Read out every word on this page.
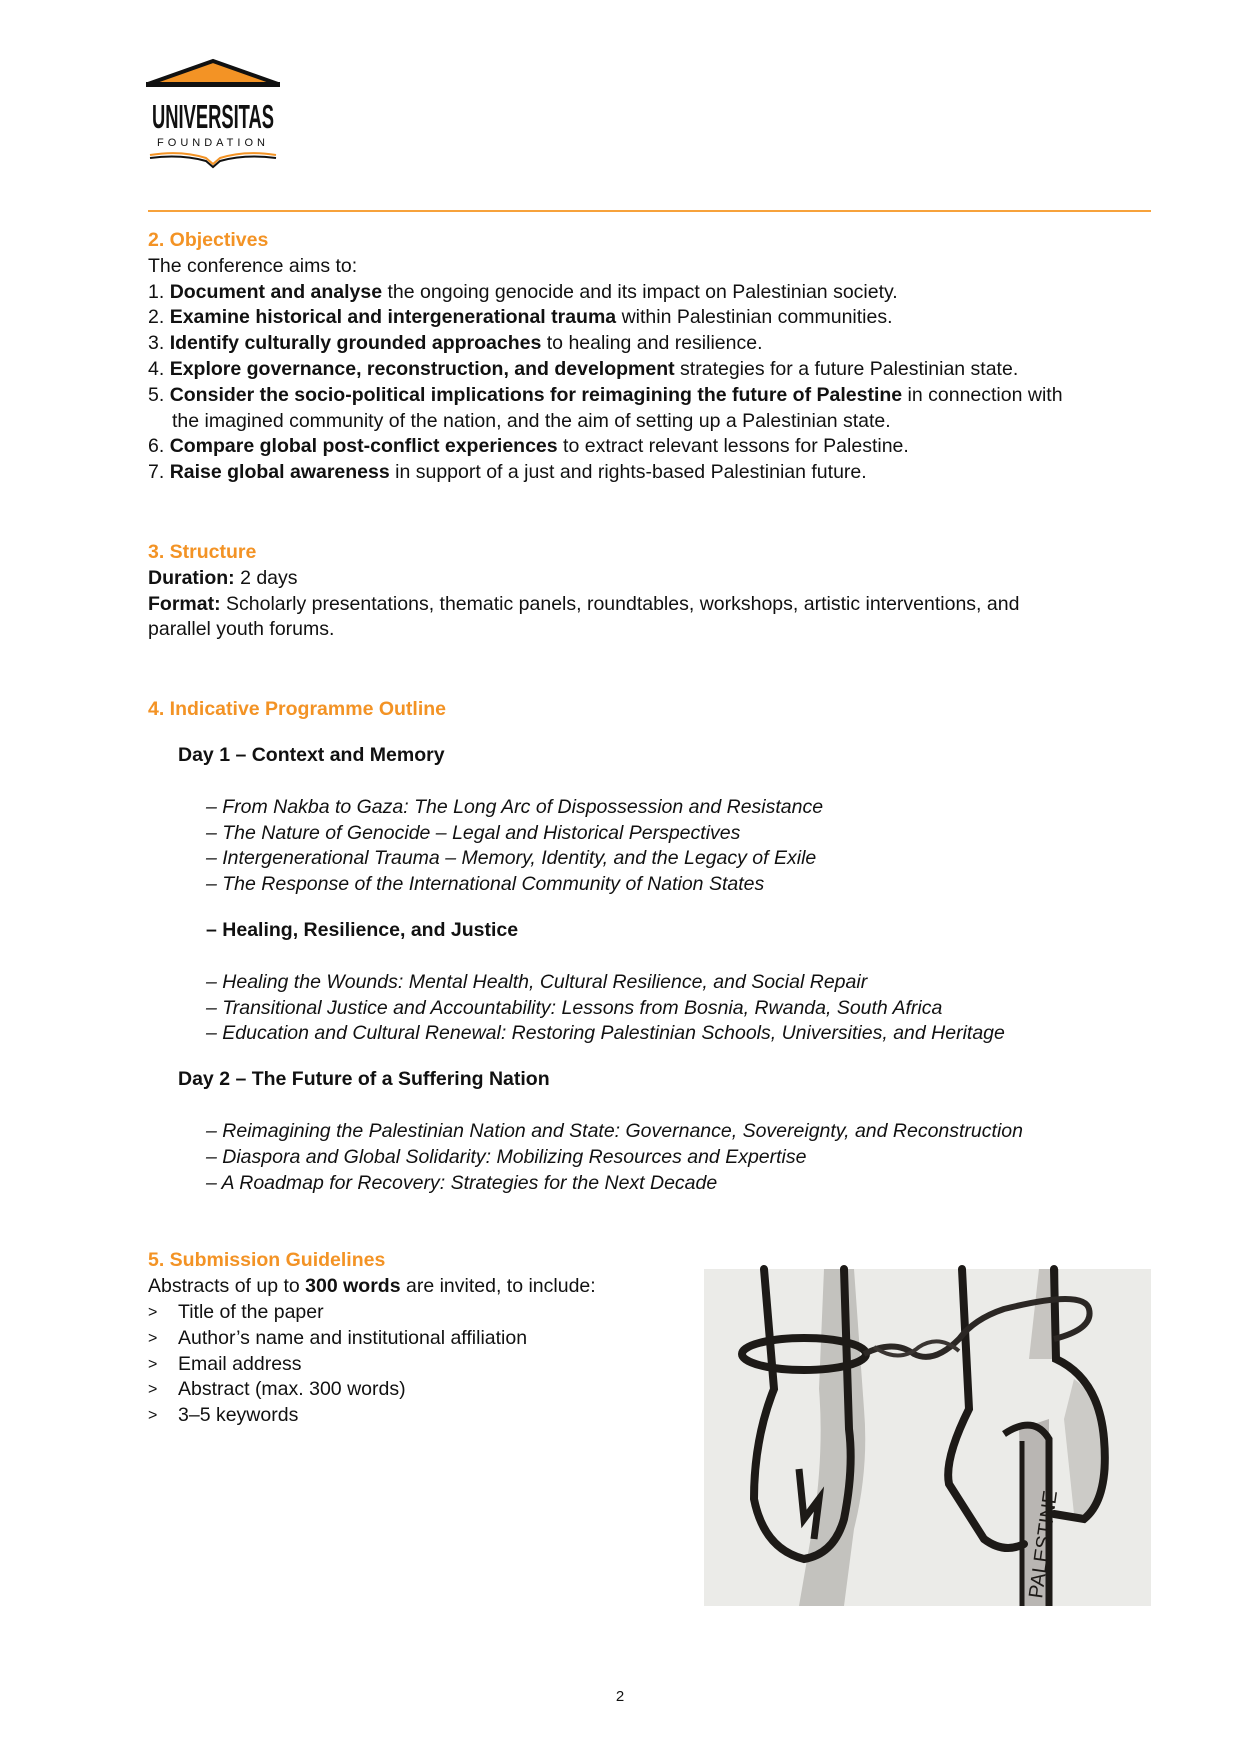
UNIVERSITAS
FOUNDATION
2. Objectives
The conference aims to:
1. Document and analyse the ongoing genocide and its impact on Palestinian society.
2. Examine historical and intergenerational trauma within Palestinian communities.
3. Identify culturally grounded approaches to healing and resilience.
4. Explore governance, reconstruction, and development strategies for a future Palestinian state.
5. Consider the socio-political implications for reimagining the future of Palestine in connection with
the imagined community of the nation, and the aim of setting up a Palestinian state.
6. Compare global post-conflict experiences to extract relevant lessons for Palestine.
7. Raise global awareness in support of a just and rights-based Palestinian future.
3. Structure
Duration: 2 days
Format: Scholarly presentations, thematic panels, roundtables, workshops, artistic interventions, and
parallel youth forums.
4. Indicative Programme Outline
Day 1 – Context and Memory
– From Nakba to Gaza: The Long Arc of Dispossession and Resistance
– The Nature of Genocide – Legal and Historical Perspectives
– Intergenerational Trauma – Memory, Identity, and the Legacy of Exile
– The Response of the International Community of Nation States
– Healing, Resilience, and Justice
– Healing the Wounds: Mental Health, Cultural Resilience, and Social Repair
– Transitional Justice and Accountability: Lessons from Bosnia, Rwanda, South Africa
– Education and Cultural Renewal: Restoring Palestinian Schools, Universities, and Heritage
Day 2 – The Future of a Suffering Nation
– Reimagining the Palestinian Nation and State: Governance, Sovereignty, and Reconstruction
– Diaspora and Global Solidarity: Mobilizing Resources and Expertise
– A Roadmap for Recovery: Strategies for the Next Decade
5. Submission Guidelines
Abstracts of up to 300 words are invited, to include:
>	Title of the paper
>	Author’s name and institutional affiliation
>	Email address
>	Abstract (max. 300 words)
>	3–5 keywords
PALESTINE
2
